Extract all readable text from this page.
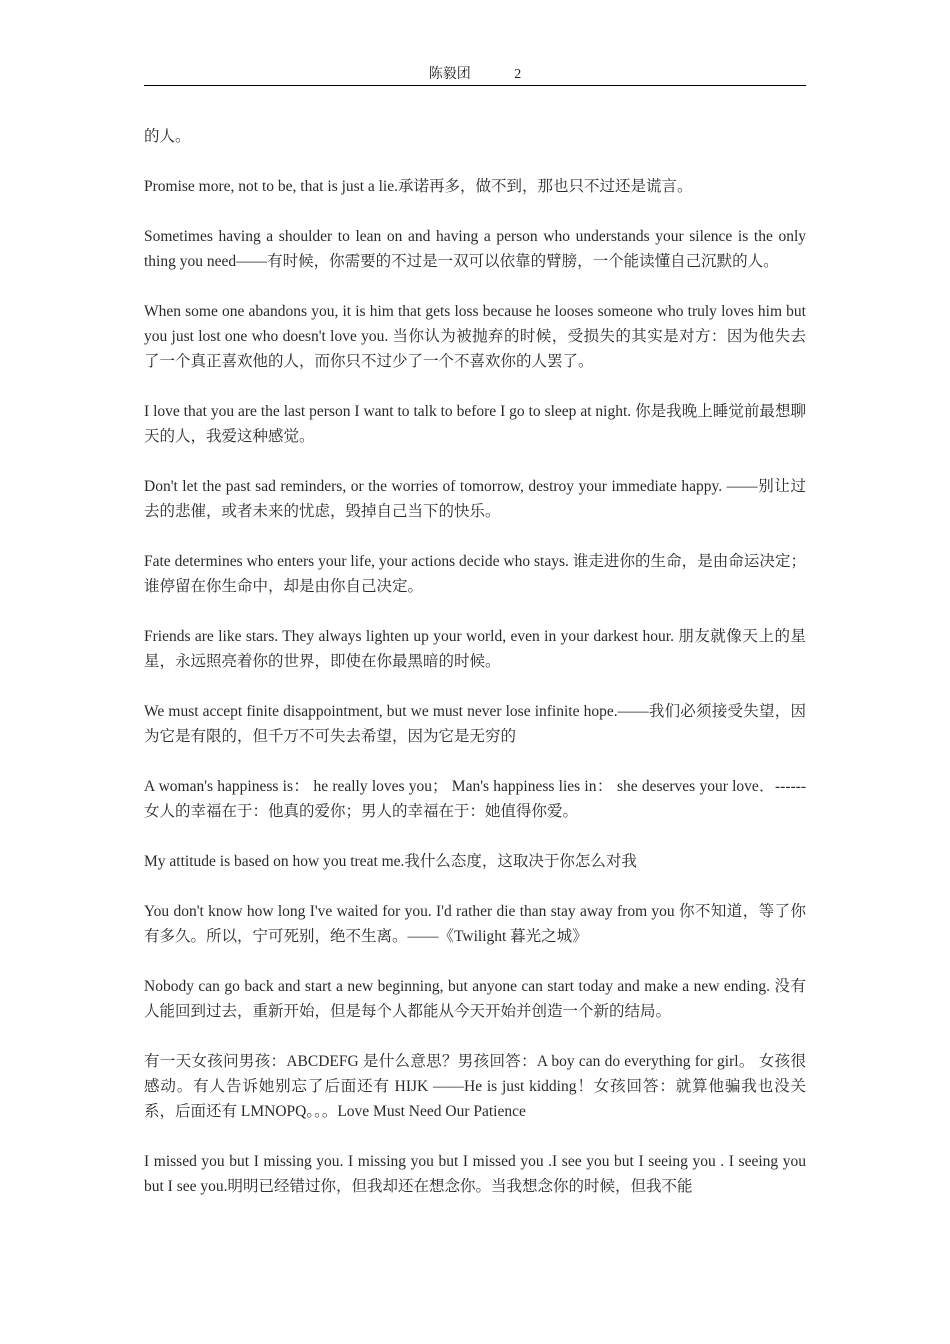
陈毅团	2

的人。

Promise more, not to be, that is just a lie.承诺再多，做不到，那也只不过还是谎言。

Sometimes having a shoulder to lean on and having a person who understands your silence is the only thing you need——有时候，你需要的不过是一双可以依靠的臂膀，一个能读懂自己沉默的人。

When some one abandons you, it is him that gets loss because he looses someone who truly loves him but you just lost one who doesn't love you. 当你认为被抛弃的时候，受损失的其实是对方：因为他失去了一个真正喜欢他的人，而你只不过少了一个不喜欢你的人罢了。

I love that you are the last person I want to talk to before I go to sleep at night. 你是我晚上睡觉前最想聊天的人，我爱这种感觉。

Don't let the past sad reminders, or the worries of tomorrow, destroy your immediate happy. ——别让过去的悲催，或者未来的忧虑，毁掉自己当下的快乐。

Fate determines who enters your life, your actions decide who stays. 谁走进你的生命，是由命运决定；谁停留在你生命中，却是由你自己决定。

Friends are like stars. They always lighten up your world, even in your darkest hour. 朋友就像天上的星星，永远照亮着你的世界，即使在你最黑暗的时候。

We must accept finite disappointment, but we must never lose infinite hope.——我们必须接受失望，因为它是有限的，但千万不可失去希望，因为它是无穷的

A woman's happiness is： he really loves you； Man's happiness lies in： she deserves your love．------ 女人的幸福在于：他真的爱你；男人的幸福在于：她值得你爱。

My attitude is based on how you treat me.我什么态度，这取决于你怎么对我

You don't know how long I've waited for you. I'd rather die than stay away from you 你不知道，等了你有多久。所以，宁可死别，绝不生离。——《Twilight 暮光之城》

Nobody can go back and start a new beginning, but anyone can start today and make a new ending. 没有人能回到过去，重新开始，但是每个人都能从今天开始并创造一个新的结局。

有一天女孩问男孩：ABCDEFG 是什么意思？男孩回答：A boy can do everything for girl。 女孩很感动。有人告诉她别忘了后面还有 HIJK ——He is just kidding！女孩回答：就算他骗我也没关系，后面还有 LMNOPQ。。。Love Must Need Our Patience

I missed you but I missing you. I missing you but I missed you .I see you but I seeing you . I seeing you but I see you.明明已经错过你，但我却还在想念你。当我想念你的时候，但我不能
